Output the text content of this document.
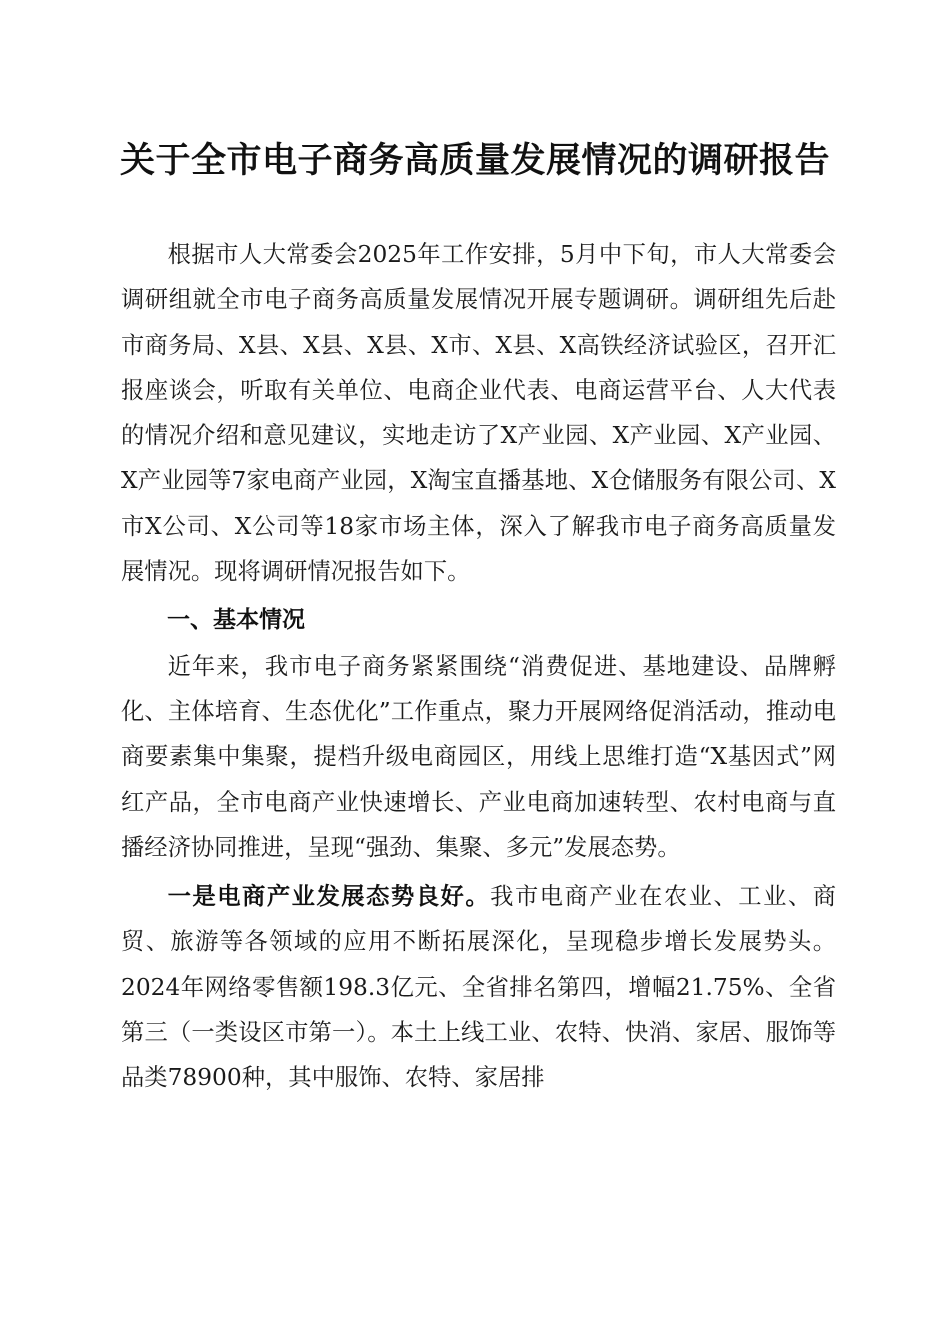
关于全市电子商务高质量发展情况的调研报告

根据市人大常委会2025年工作安排，5月中下旬，市人大常委会调研组就全市电子商务高质量发展情况开展专题调研。调研组先后赴市商务局、X县、X县、X县、X市、X县、X高铁经济试验区，召开汇报座谈会，听取有关单位、电商企业代表、电商运营平台、人大代表的情况介绍和意见建议，实地走访了X产业园、X产业园、X产业园、X产业园等7家电商产业园，X淘宝直播基地、X仓储服务有限公司、X市X公司、X公司等18家市场主体，深入了解我市电子商务高质量发展情况。现将调研情况报告如下。

一、基本情况

近年来，我市电子商务紧紧围绕“消费促进、基地建设、品牌孵化、主体培育、生态优化”工作重点，聚力开展网络促消活动，推动电商要素集中集聚，提档升级电商园区，用线上思维打造“X基因式”网红产品，全市电商产业快速增长、产业电商加速转型、农村电商与直播经济协同推进，呈现“强劲、集聚、多元”发展态势。

一是电商产业发展态势良好。我市电商产业在农业、工业、商贸、旅游等各领域的应用不断拓展深化，呈现稳步增长发展势头。2024年网络零售额198.3亿元、全省排名第四，增幅21.75%、全省第三（一类设区市第一）。本土上线工业、农特、快消、家居、服饰等品类78900种，其中服饰、农特、家居排
